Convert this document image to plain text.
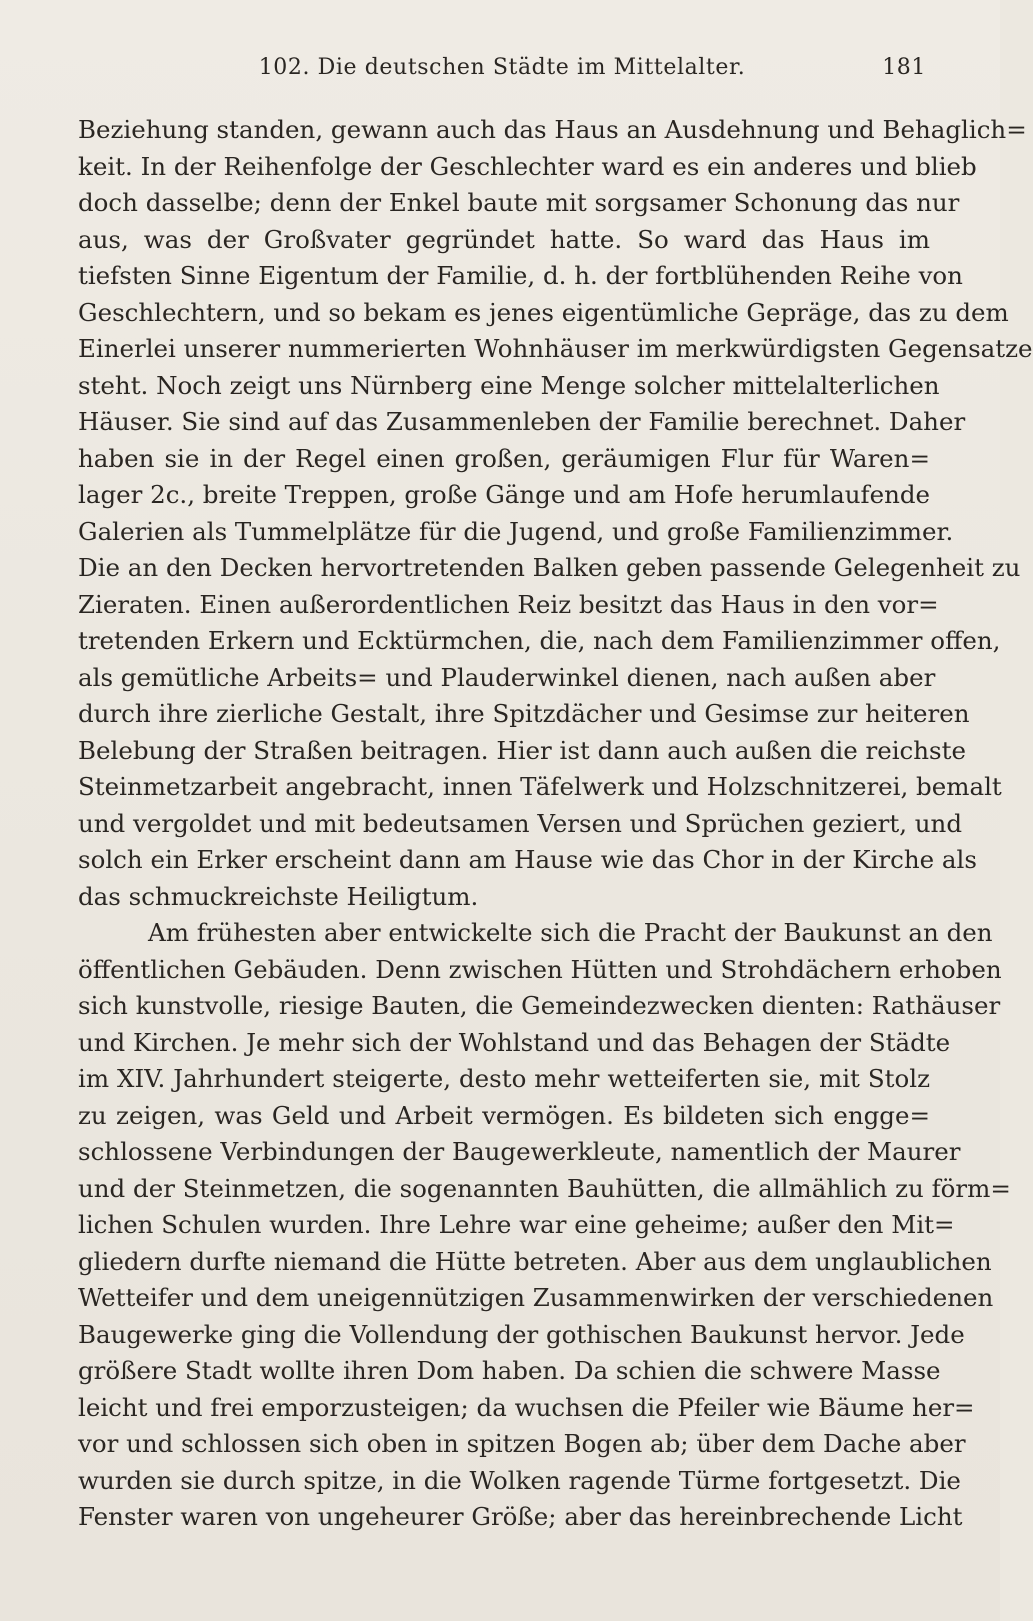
102. Die deutschen Städte im Mittelalter.	181
Beziehung standen, gewann auch das Haus an Ausdehnung und Behaglich=
keit. In der Reihenfolge der Geschlechter ward es ein anderes und blieb
doch dasselbe; denn der Enkel baute mit sorgsamer Schonung das nur
aus, was der Großvater gegründet hatte. So ward das Haus im
tiefsten Sinne Eigentum der Familie, d. h. der fortblühenden Reihe von
Geschlechtern, und so bekam es jenes eigentümliche Gepräge, das zu dem
Einerlei unserer nummerierten Wohnhäuser im merkwürdigsten Gegensatze
steht. Noch zeigt uns Nürnberg eine Menge solcher mittelalterlichen
Häuser. Sie sind auf das Zusammenleben der Familie berechnet. Daher
haben sie in der Regel einen großen, geräumigen Flur für Waren=
lager 2c., breite Treppen, große Gänge und am Hofe herumlaufende
Galerien als Tummelplätze für die Jugend, und große Familienzimmer.
Die an den Decken hervortretenden Balken geben passende Gelegenheit zu
Zieraten. Einen außerordentlichen Reiz besitzt das Haus in den vor=
tretenden Erkern und Ecktürmchen, die, nach dem Familienzimmer offen,
als gemütliche Arbeits= und Plauderwinkel dienen, nach außen aber
durch ihre zierliche Gestalt, ihre Spitzdächer und Gesimse zur heiteren
Belebung der Straßen beitragen. Hier ist dann auch außen die reichste
Steinmetzarbeit angebracht, innen Täfelwerk und Holzschnitzerei, bemalt
und vergoldet und mit bedeutsamen Versen und Sprüchen geziert, und
solch ein Erker erscheint dann am Hause wie das Chor in der Kirche als
das schmuckreichste Heiligtum.
Am frühesten aber entwickelte sich die Pracht der Baukunst an den
öffentlichen Gebäuden. Denn zwischen Hütten und Strohdächern erhoben
sich kunstvolle, riesige Bauten, die Gemeindezwecken dienten: Rathäuser
und Kirchen. Je mehr sich der Wohlstand und das Behagen der Städte
im XIV. Jahrhundert steigerte, desto mehr wetteiferten sie, mit Stolz
zu zeigen, was Geld und Arbeit vermögen. Es bildeten sich engge=
schlossene Verbindungen der Baugewerkleute, namentlich der Maurer
und der Steinmetzen, die sogenannten Bauhütten, die allmählich zu förm=
lichen Schulen wurden. Ihre Lehre war eine geheime; außer den Mit=
gliedern durfte niemand die Hütte betreten. Aber aus dem unglaublichen
Wetteifer und dem uneigennützigen Zusammenwirken der verschiedenen
Baugewerke ging die Vollendung der gothischen Baukunst hervor. Jede
größere Stadt wollte ihren Dom haben. Da schien die schwere Masse
leicht und frei emporzusteigen; da wuchsen die Pfeiler wie Bäume her=
vor und schlossen sich oben in spitzen Bogen ab; über dem Dache aber
wurden sie durch spitze, in die Wolken ragende Türme fortgesetzt. Die
Fenster waren von ungeheurer Größe; aber das hereinbrechende Licht
